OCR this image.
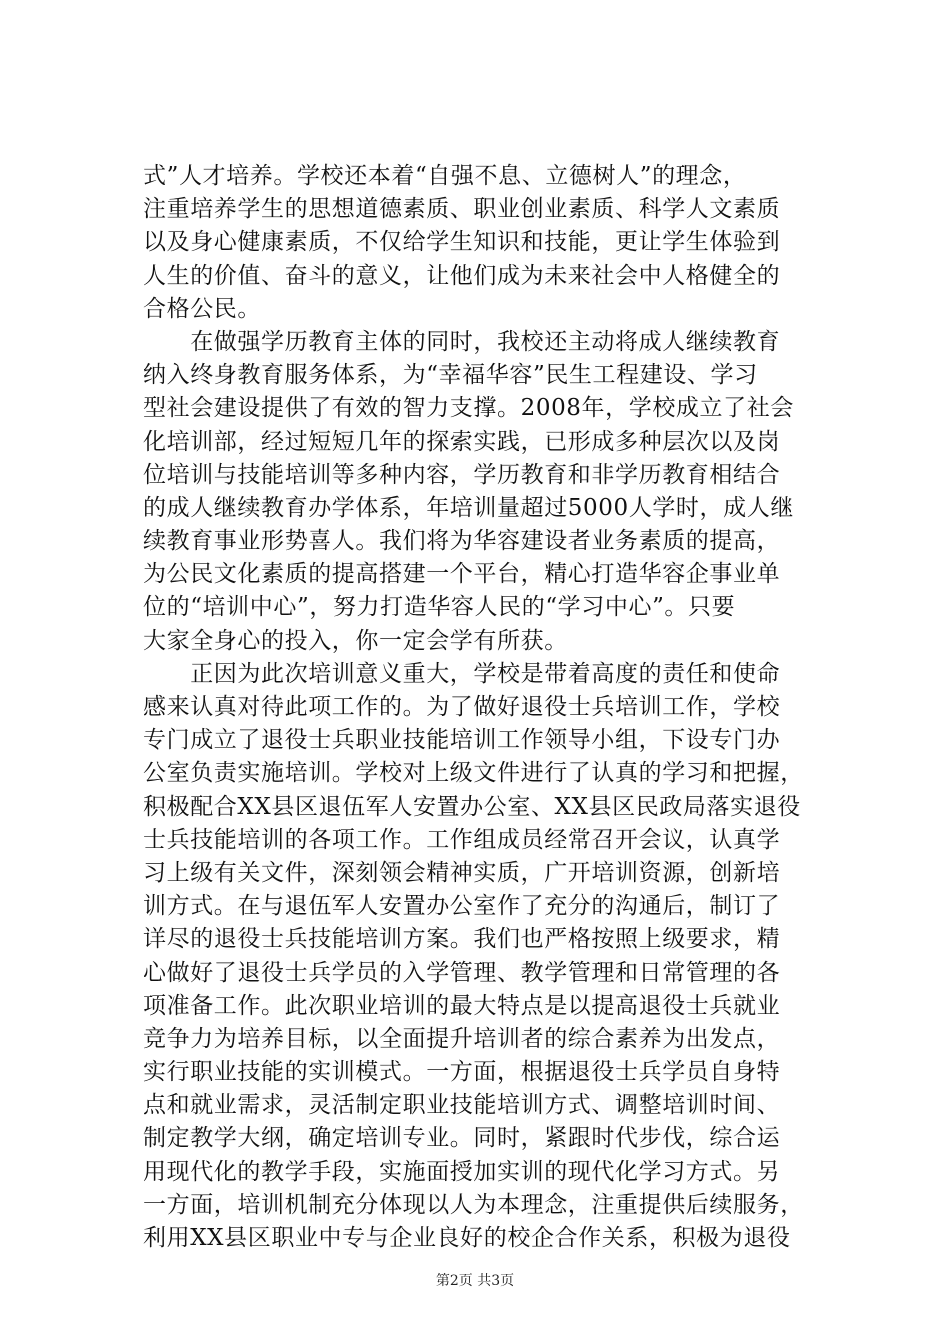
式”人才培养。学校还本着“自强不息、立德树人”的理念，
注重培养学生的思想道德素质、职业创业素质、科学人文素质
以及身心健康素质，不仅给学生知识和技能，更让学生体验到
人生的价值、奋斗的意义，让他们成为未来社会中人格健全的
合格公民。
　　在做强学历教育主体的同时，我校还主动将成人继续教育
纳入终身教育服务体系，为“幸福华容”民生工程建设、学习
型社会建设提供了有效的智力支撑。2008年，学校成立了社会
化培训部，经过短短几年的探索实践，已形成多种层次以及岗
位培训与技能培训等多种内容，学历教育和非学历教育相结合
的成人继续教育办学体系，年培训量超过5000人学时，成人继
续教育事业形势喜人。我们将为华容建设者业务素质的提高，
为公民文化素质的提高搭建一个平台，精心打造华容企事业单
位的“培训中心”，努力打造华容人民的“学习中心”。只要
大家全身心的投入，你一定会学有所获。
　　正因为此次培训意义重大，学校是带着高度的责任和使命
感来认真对待此项工作的。为了做好退役士兵培训工作，学校
专门成立了退役士兵职业技能培训工作领导小组，下设专门办
公室负责实施培训。学校对上级文件进行了认真的学习和把握，
积极配合XX县区退伍军人安置办公室、XX县区民政局落实退役
士兵技能培训的各项工作。工作组成员经常召开会议，认真学
习上级有关文件，深刻领会精神实质，广开培训资源，创新培
训方式。在与退伍军人安置办公室作了充分的沟通后，制订了
详尽的退役士兵技能培训方案。我们也严格按照上级要求，精
心做好了退役士兵学员的入学管理、教学管理和日常管理的各
项准备工作。此次职业培训的最大特点是以提高退役士兵就业
竞争力为培养目标，以全面提升培训者的综合素养为出发点，
实行职业技能的实训模式。一方面，根据退役士兵学员自身特
点和就业需求，灵活制定职业技能培训方式、调整培训时间、
制定教学大纲，确定培训专业。同时，紧跟时代步伐，综合运
用现代化的教学手段，实施面授加实训的现代化学习方式。另
一方面，培训机制充分体现以人为本理念，注重提供后续服务，
利用XX县区职业中专与企业良好的校企合作关系，积极为退役
第2页 共3页
